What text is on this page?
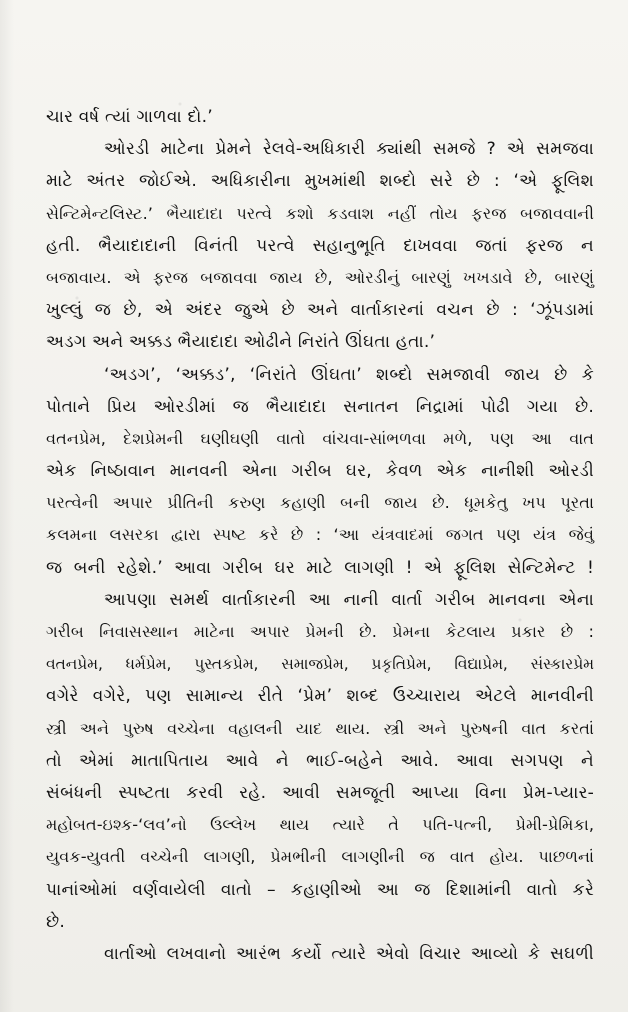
ચાર વર્ષ ત્યાં ગાળવા દો.’
ઓરડી માટેના પ્રેમને રેલવે-અધિકારી ક્યાંથી સમજે ? એ સમજવા
માટે અંતર જોઈએ. અધિકારીના મુખમાંથી શબ્દો સરે છે : ‘એ ફૂલિશ
સેન્ટિમેન્ટલિસ્ટ.’ ભૈયાદાદા પરત્વે કશો કડવાશ નહીં તોય ફરજ બજાવવાની
હતી. ભૈયાદાદાની વિનંતી પરત્વે સહાનુભૂતિ દાખવવા જતાં ફરજ ન
બજાવાય. એ ફરજ બજાવવા જાય છે, ઓરડીનું બારણું ખખડાવે છે, બારણું
ખુલ્લું જ છે, એ અંદર જુએ છે અને વાર્તાકારનાં વચન છે : ‘ઝૂંપડામાં
અડગ અને અક્કડ ભૈયાદાદા ઓઢીને નિરાંતે ઊંઘતા હતા.’
‘અડગ’, ‘અક્કડ’, ‘નિરાંતે ઊંઘતા’ શબ્દો સમજાવી જાય છે કે
પોતાને પ્રિય ઓરડીમાં જ ભૈયાદાદા સનાતન નિદ્રામાં પોઢી ગયા છે.
વતનપ્રેમ, દેશપ્રેમની ઘણીઘણી વાતો વાંચવા-સાંભળવા મળે, પણ આ વાત
એક નિષ્ઠાવાન માનવની એના ગરીબ ઘર, કેવળ એક નાનીશી ઓરડી
પરત્વેની અપાર પ્રીતિની કરુણ કહાણી બની જાય છે. ધૂમકેતુ ખપ પૂરતા
કલમના લસરકા દ્વારા સ્પષ્ટ કરે છે : ‘આ યંત્રવાદમાં જગત પણ યંત્ર જેવું
જ બની રહેશે.’ આવા ગરીબ ઘર માટે લાગણી ! એ ફૂલિશ સેન્ટિમેન્ટ !
આપણા સમર્થ વાર્તાકારની આ નાની વાર્તા ગરીબ માનવના એના
ગરીબ નિવાસસ્થાન માટેના અપાર પ્રેમની છે. પ્રેમના કેટલાય પ્રકાર છે :
વતનપ્રેમ, ધર્મપ્રેમ, પુસ્તકપ્રેમ, સમાજપ્રેમ, પ્રકૃતિપ્રેમ, વિદ્યાપ્રેમ, સંસ્કારપ્રેમ
વગેરે વગેરે, પણ સામાન્ય રીતે ‘પ્રેમ’ શબ્દ ઉચ્ચારાય એટલે માનવીની
સ્ત્રી અને પુરુષ વચ્ચેના વહાલની યાદ થાય. સ્ત્રી અને પુરુષની વાત કરતાં
તો એમાં માતાપિતાય આવે ને ભાઈ-બહેને આવે. આવા સગપણ ને
સંબંધની સ્પષ્ટતા કરવી રહે. આવી સમજૂતી આપ્યા વિના પ્રેમ-પ્યાર-
મહોબત-ઇશ્ક-‘લવ’નો ઉલ્લેખ થાય ત્યારે તે પતિ-પત્ની, પ્રેમી-પ્રેમિકા,
યુવક-યુવતી વચ્ચેની લાગણી, પ્રેમભીની લાગણીની જ વાત હોય. પાછળનાં
પાનાંઓમાં વર્ણવાયેલી વાતો – કહાણીઓ આ જ દિશામાંની વાતો કરે
છે.
વાર્તાઓ લખવાનો આરંભ કર્યો ત્યારે એવો વિચાર આવ્યો કે સઘળી
